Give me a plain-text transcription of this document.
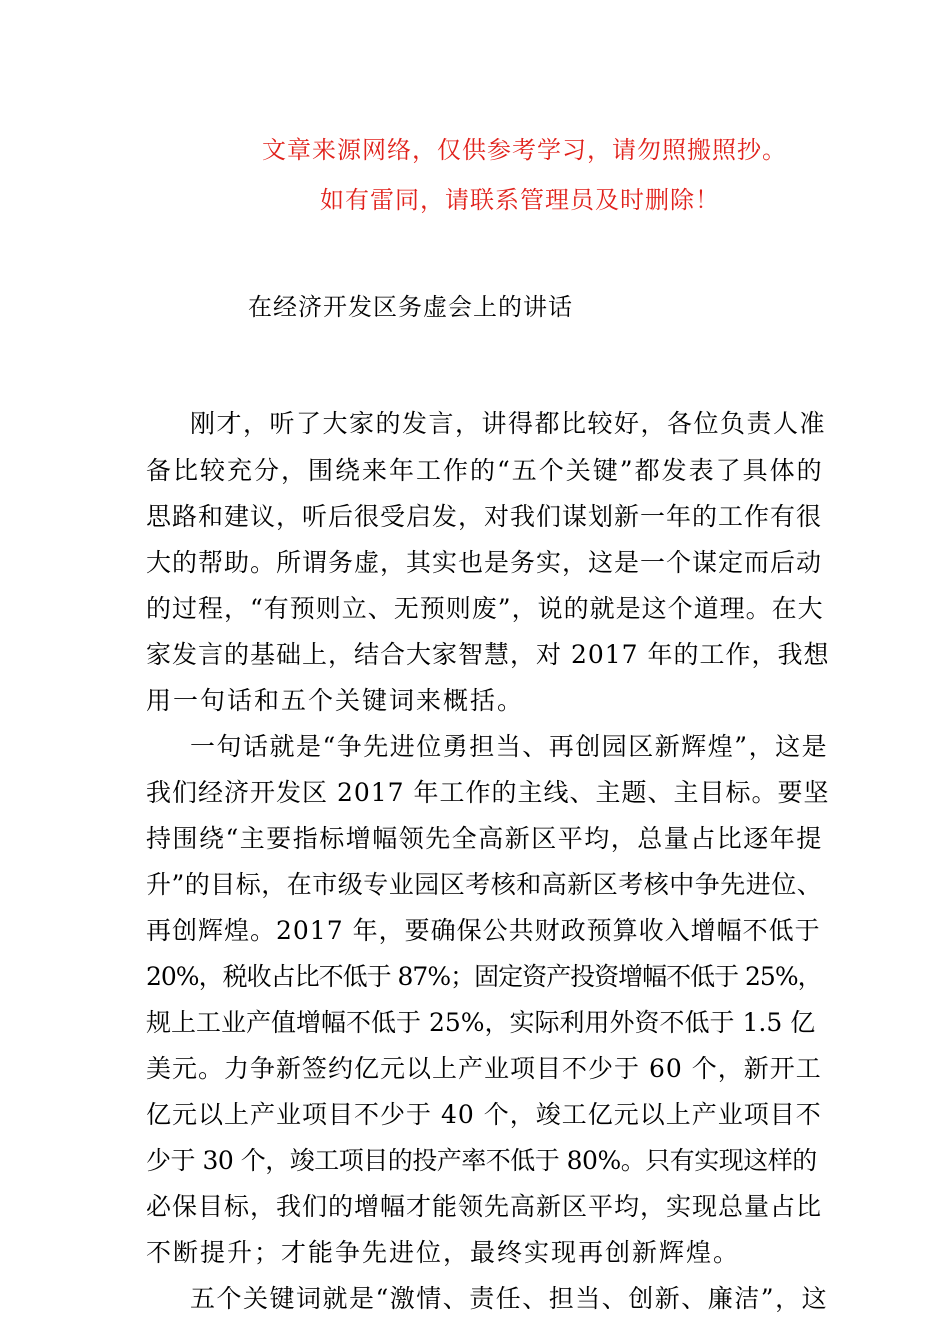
文章来源网络，仅供参考学习，请勿照搬照抄。
如有雷同，请联系管理员及时删除！
在经济开发区务虚会上的讲话
刚才，听了大家的发言，讲得都比较好，各位负责人准
备比较充分，围绕来年工作的“五个关键”都发表了具体的
思路和建议，听后很受启发，对我们谋划新一年的工作有很
大的帮助。所谓务虚，其实也是务实，这是一个谋定而后动
的过程，“有预则立、无预则废”，说的就是这个道理。在大
家发言的基础上，结合大家智慧，对 2017 年的工作，我想
用一句话和五个关键词来概括。
一句话就是“争先进位勇担当、再创园区新辉煌”，这是
我们经济开发区 2017 年工作的主线、主题、主目标。要坚
持围绕“主要指标增幅领先全高新区平均，总量占比逐年提
升”的目标，在市级专业园区考核和高新区考核中争先进位、
再创辉煌。2017 年，要确保公共财政预算收入增幅不低于
20%，税收占比不低于 87%；固定资产投资增幅不低于 25%，
规上工业产值增幅不低于 25%，实际利用外资不低于 1.5 亿
美元。力争新签约亿元以上产业项目不少于 60 个，新开工
亿元以上产业项目不少于 40 个，竣工亿元以上产业项目不
少于 30 个，竣工项目的投产率不低于 80%。只有实现这样的
必保目标，我们的增幅才能领先高新区平均，实现总量占比
不断提升；才能争先进位，最终实现再创新辉煌。
五个关键词就是“激情、责任、担当、创新、廉洁”，这
